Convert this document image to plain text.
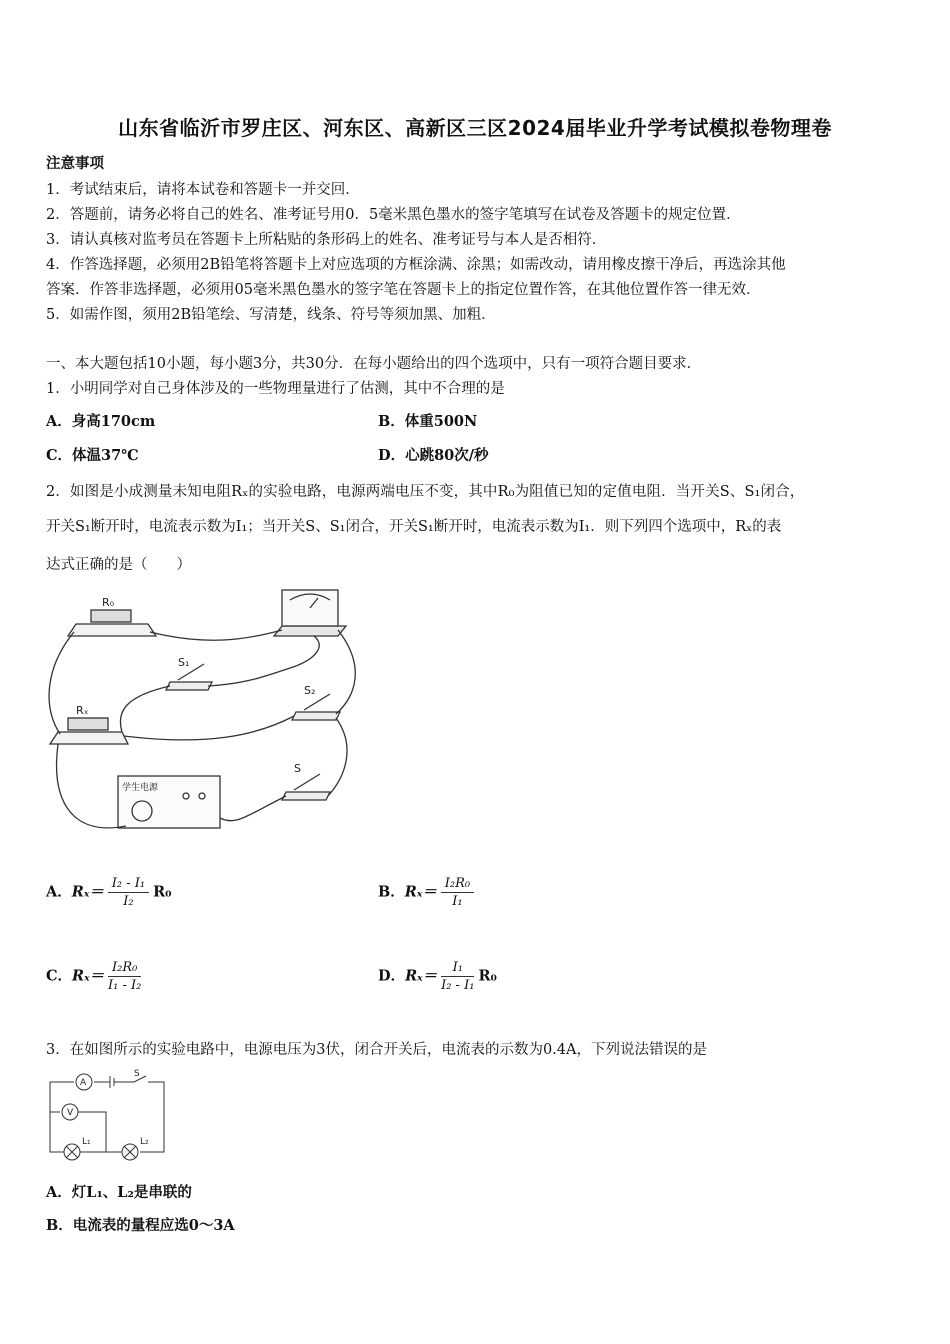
山东省临沂市罗庄区、河东区、高新区三区2024届毕业升学考试模拟卷物理卷
注意事项
1．考试结束后，请将本试卷和答题卡一并交回．
2．答题前，请务必将自己的姓名、准考证号用0．5毫米黑色墨水的签字笔填写在试卷及答题卡的规定位置．
3．请认真核对监考员在答题卡上所粘贴的条形码上的姓名、准考证号与本人是否相符．
4．作答选择题，必须用2B铅笔将答题卡上对应选项的方框涂满、涂黑；如需改动，请用橡皮擦干净后，再选涂其他
答案．作答非选择题，必须用05毫米黑色墨水的签字笔在答题卡上的指定位置作答，在其他位置作答一律无效．
5．如需作图，须用2B铅笔绘、写清楚，线条、符号等须加黑、加粗．
一、本大题包括10小题，每小题3分，共30分．在每小题给出的四个选项中，只有一项符合题目要求．
1．小明同学对自己身体涉及的一些物理量进行了估测，其中不合理的是
A．身高170cm	B．体重500N
C．体温37℃	D．心跳80次/秒
2．如图是小成测量未知电阻Rₓ的实验电路，电源两端电压不变，其中R₀为阻值已知的定值电阻．当开关S、S₁闭合，
开关S₁断开时，电流表示数为I₁；当开关S、S₁闭合，开关S₁断开时，电流表示数为I₁．则下列四个选项中，Rₓ的表
达式正确的是（　　）
R₀
Rₓ
S₁
S₂
S
学生电源
A．$R_x= \frac{\text{I₂ - I₁}}{\text{I₂}} R_0$	B．$R_x= \frac{\text{I₂R₀}}{\text{I₁}}$
C．$R_x= \frac{\text{I₂R₀}}{\text{I₁ - I₂}}$	D．$R_x= \frac{\text{I₁}}{\text{I₂ - I₁}} R_0$
3．在如图所示的实验电路中，电源电压为3伏，闭合开关后，电流表的示数为0.4A，下列说法错误的是
A
V
S
L₁	L₂
A．灯L₁、L₂是串联的
B．电流表的量程应选0～3A
